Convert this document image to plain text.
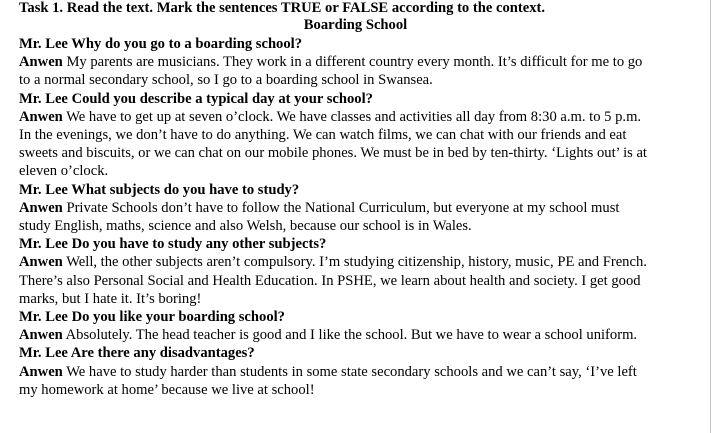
Task 1. Read the text. Mark the sentences TRUE or FALSE according to the context.
Boarding School
Mr. Lee Why do you go to a boarding school?

Anwen My parents are musicians. They work in a different country every month. It’s difficult for me to go to a normal secondary school, so I go to a boarding school in Swansea.

Mr. Lee Could you describe a typical day at your school?

Anwen We have to get up at seven o’clock. We have classes and activities all day from 8:30 a.m. to 5 p.m. In the evenings, we don’t have to do anything. We can watch films, we can chat with our friends and eat sweets and biscuits, or we can chat on our mobile phones. We must be in bed by ten-thirty. ‘Lights out’ is at eleven o’clock.

Mr. Lee What subjects do you have to study?

Anwen Private Schools don’t have to follow the National Curriculum, but everyone at my school must study English, maths, science and also Welsh, because our school is in Wales.

Mr. Lee Do you have to study any other subjects?

Anwen Well, the other subjects aren’t compulsory. I’m studying citizenship, history, music, PE and French. There’s also Personal Social and Health Education. In PSHE, we learn about health and society. I get good marks, but I hate it. It’s boring!

Mr. Lee Do you like your boarding school?

Anwen Absolutely. The head teacher is good and I like the school. But we have to wear a school uniform.

Mr. Lee Are there any disadvantages?

Anwen We have to study harder than students in some state secondary schools and we can’t say, ‘I’ve left my homework at home’ because we live at school!
